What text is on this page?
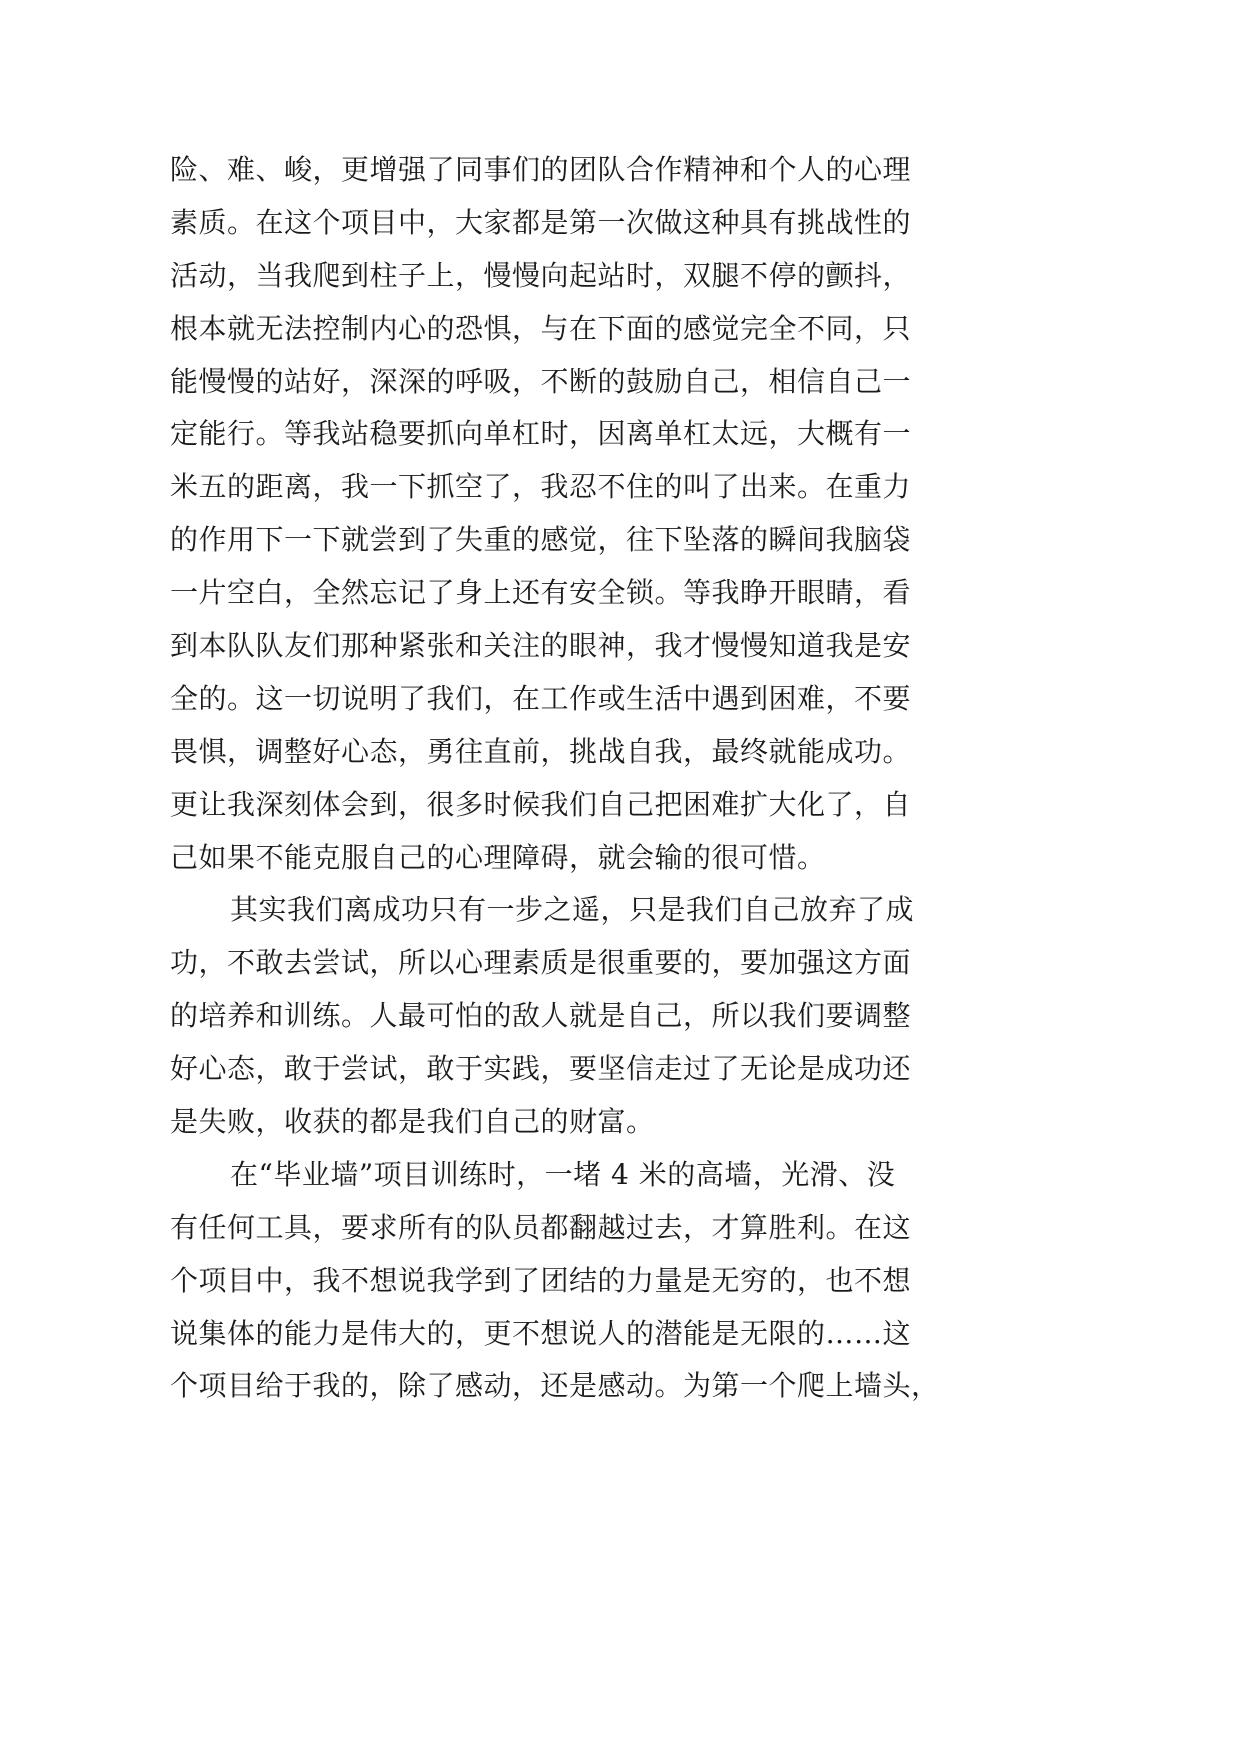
险、难、峻，更增强了同事们的团队合作精神和个人的心理
素质。在这个项目中，大家都是第一次做这种具有挑战性的
活动，当我爬到柱子上，慢慢向起站时，双腿不停的颤抖，
根本就无法控制内心的恐惧，与在下面的感觉完全不同，只
能慢慢的站好，深深的呼吸，不断的鼓励自己，相信自己一
定能行。等我站稳要抓向单杠时，因离单杠太远，大概有一
米五的距离，我一下抓空了，我忍不住的叫了出来。在重力
的作用下一下就尝到了失重的感觉，往下坠落的瞬间我脑袋
一片空白，全然忘记了身上还有安全锁。等我睁开眼睛，看
到本队队友们那种紧张和关注的眼神，我才慢慢知道我是安
全的。这一切说明了我们，在工作或生活中遇到困难，不要
畏惧，调整好心态，勇往直前，挑战自我，最终就能成功。
更让我深刻体会到，很多时候我们自己把困难扩大化了，自
己如果不能克服自己的心理障碍，就会输的很可惜。
其实我们离成功只有一步之遥，只是我们自己放弃了成
功，不敢去尝试，所以心理素质是很重要的，要加强这方面
的培养和训练。人最可怕的敌人就是自己，所以我们要调整
好心态，敢于尝试，敢于实践，要坚信走过了无论是成功还
是失败，收获的都是我们自己的财富。
在“毕业墙”项目训练时，一堵 4 米的高墙，光滑、没
有任何工具，要求所有的队员都翻越过去，才算胜利。在这
个项目中，我不想说我学到了团结的力量是无穷的，也不想
说集体的能力是伟大的，更不想说人的潜能是无限的……这
个项目给于我的，除了感动，还是感动。为第一个爬上墙头，
